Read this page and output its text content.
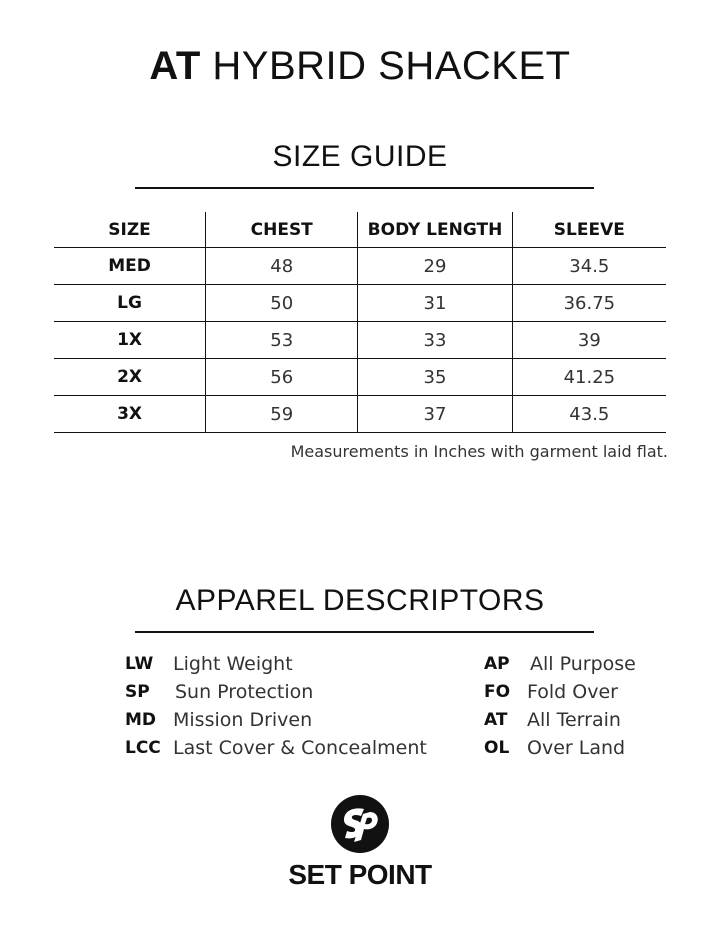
AT HYBRID SHACKET
SIZE GUIDE
SIZE	CHEST	BODY LENGTH	SLEEVE
MED	48	29	34.5
LG	50	31	36.75
1X	53	33	39
2X	56	35	41.25
3X	59	37	43.5
Measurements in Inches with garment laid flat.
APPAREL DESCRIPTORS
LW	Light Weight
SP	Sun Protection
MD Mission Driven
LCC Last Cover & Concealment
AP	All Purpose
FO Fold Over
AT	All Terrain
OL Over Land
SET POINT
